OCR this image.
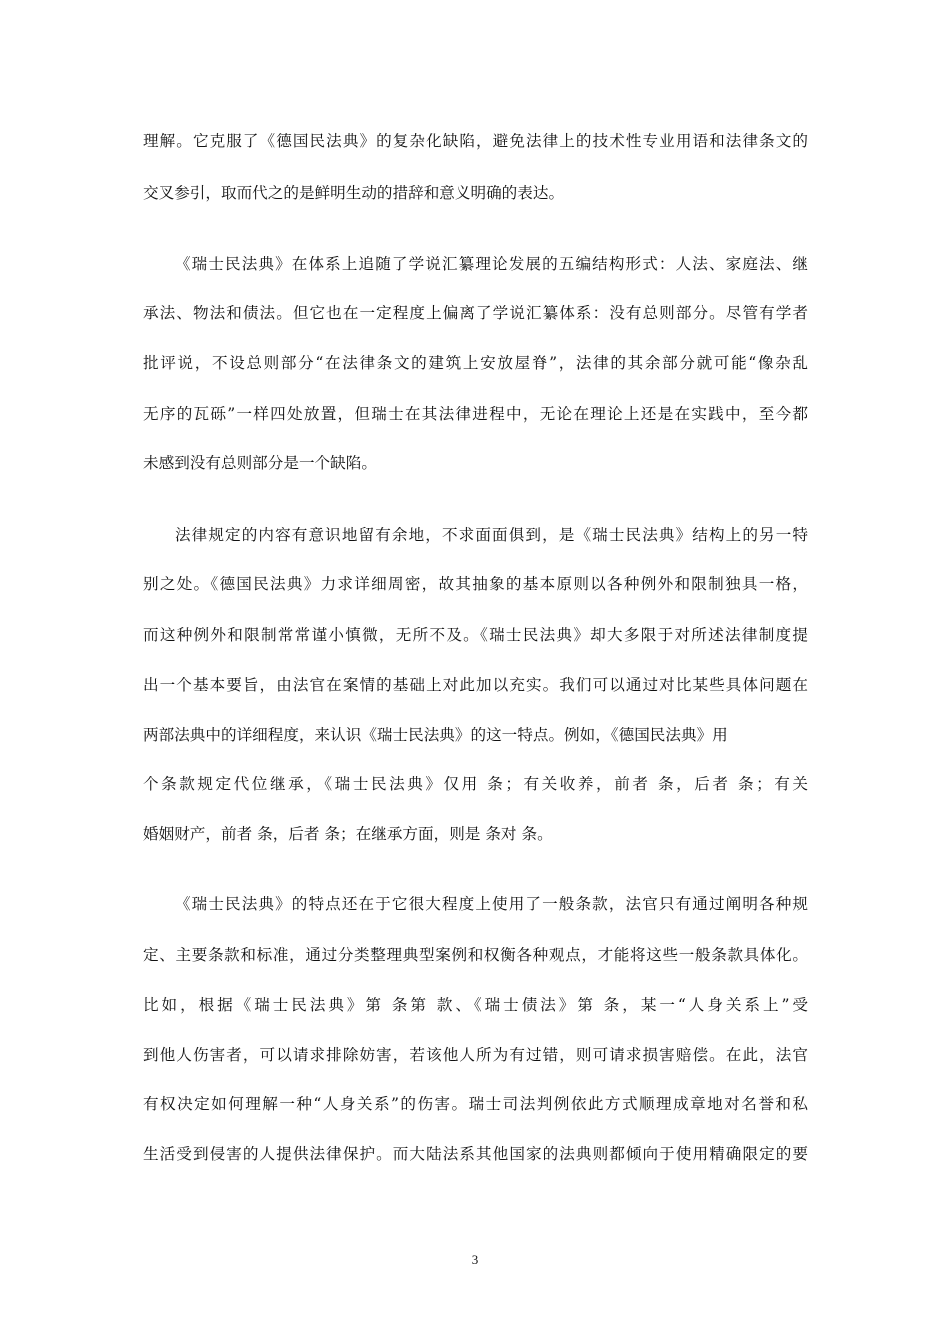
理解。它克服了《德国民法典》的复杂化缺陷，避免法律上的技术性专业用语和法律条文的
交叉参引，取而代之的是鲜明生动的措辞和意义明确的表达。
《瑞士民法典》在体系上追随了学说汇纂理论发展的五编结构形式：人法、家庭法、继
承法、物法和债法。但它也在一定程度上偏离了学说汇纂体系：没有总则部分。尽管有学者
批评说，不设总则部分“在法律条文的建筑上安放屋脊”，法律的其余部分就可能“像杂乱
无序的瓦砾”一样四处放置，但瑞士在其法律进程中，无论在理论上还是在实践中，至今都
未感到没有总则部分是一个缺陷。
法律规定的内容有意识地留有余地，不求面面俱到，是《瑞士民法典》结构上的另一特
别之处。《德国民法典》力求详细周密，故其抽象的基本原则以各种例外和限制独具一格，
而这种例外和限制常常谨小慎微，无所不及。《瑞士民法典》却大多限于对所述法律制度提
出一个基本要旨，由法官在案情的基础上对此加以充实。我们可以通过对比某些具体问题在
两部法典中的详细程度，来认识《瑞士民法典》的这一特点。例如，《德国民法典》用
个条款规定代位继承，《瑞士民法典》仅用 条；有关收养，前者 条，后者 条；有关
婚姻财产，前者 条，后者 条；在继承方面，则是 条对 条。
《瑞士民法典》的特点还在于它很大程度上使用了一般条款，法官只有通过阐明各种规
定、主要条款和标准，通过分类整理典型案例和权衡各种观点，才能将这些一般条款具体化。
比如，根据《瑞士民法典》第 条第 款、《瑞士债法》第 条，某一“人身关系上”受
到他人伤害者，可以请求排除妨害，若该他人所为有过错，则可请求损害赔偿。在此，法官
有权决定如何理解一种“人身关系”的伤害。瑞士司法判例依此方式顺理成章地对名誉和私
生活受到侵害的人提供法律保护。而大陆法系其他国家的法典则都倾向于使用精确限定的要
3
